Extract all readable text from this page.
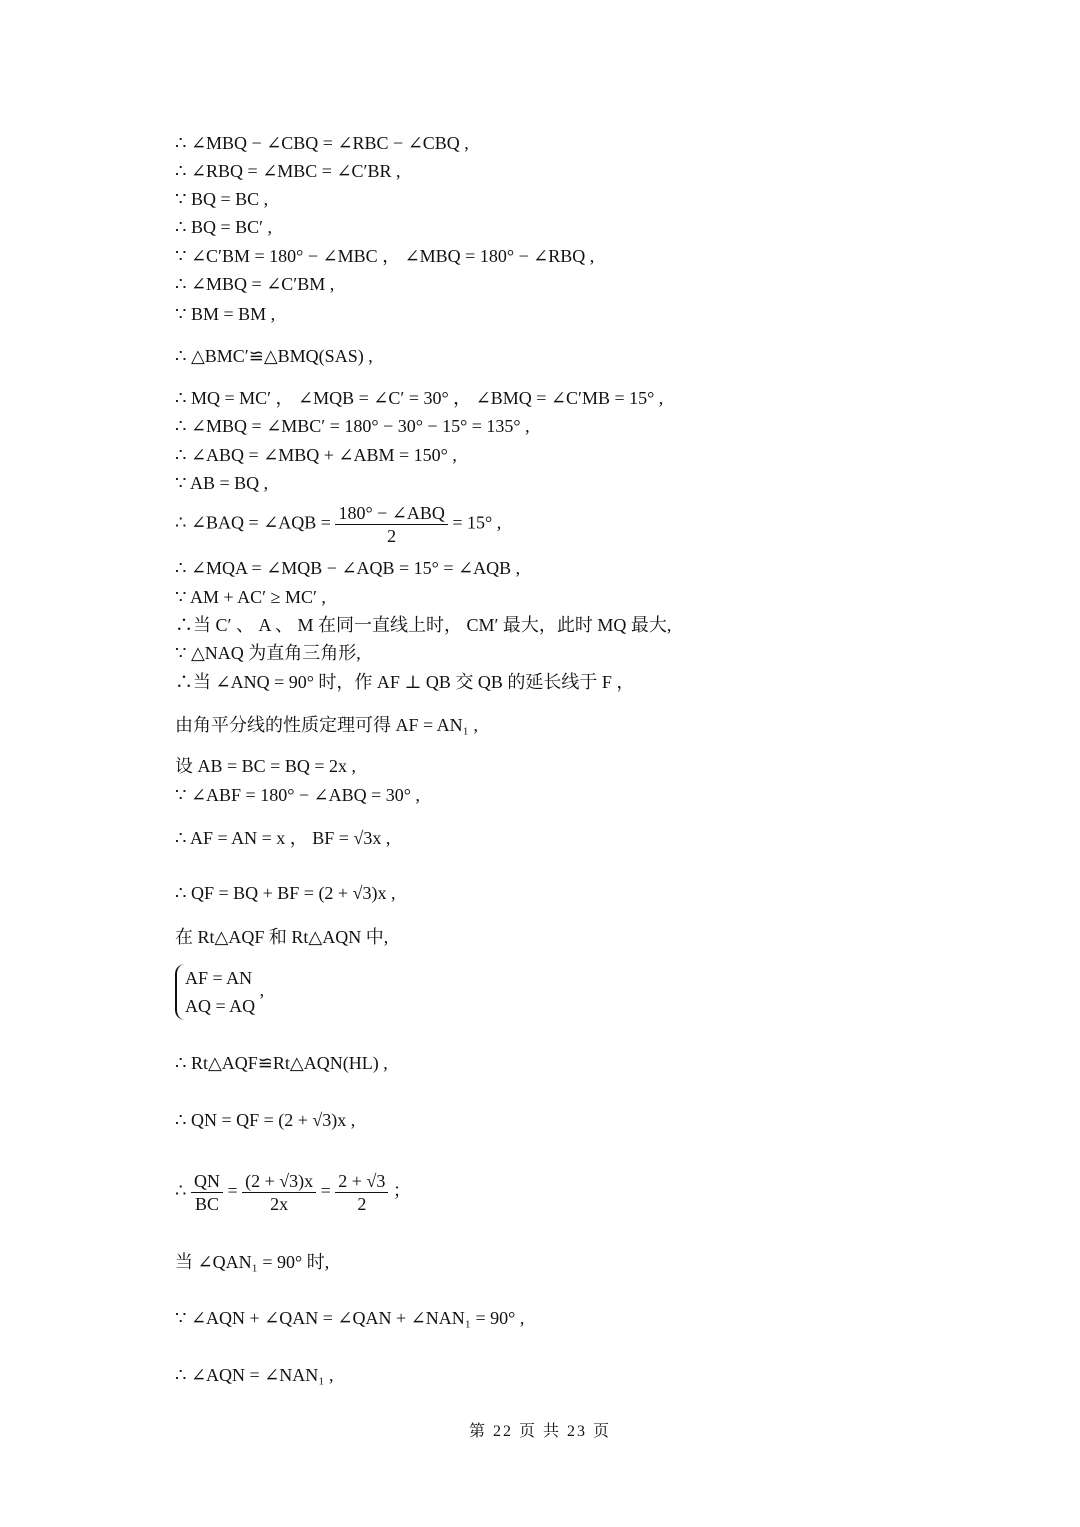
∴ ∠MBQ − ∠CBQ = ∠RBC − ∠CBQ ,
∴ ∠RBQ = ∠MBC = ∠C′BR ,
∵ BQ = BC ,
∴ BQ = BC′ ,
∵ ∠C′BM = 180° − ∠MBC ， ∠MBQ = 180° − ∠RBQ ,
∴ ∠MBQ = ∠C′BM ,
∵ BM = BM ,
∴ △BMC′≌△BMQ(SAS) ,
∴ MQ = MC′ ， ∠MQB = ∠C′ = 30° ， ∠BMQ = ∠C′MB = 15° ,
∴ ∠MBQ = ∠MBC′ = 180° − 30° − 15° = 135° ,
∴ ∠ABQ = ∠MBQ + ∠ABM = 150° ,
∵ AB = BQ ,
∴ ∠BAQ = ∠AQB = $\frac{\text{180° − ∠ABQ}}{2} = 15^\circ$ ,
∴ ∠MQA = ∠MQB − ∠AQB = 15° = ∠AQB ,
∵ AM + AC′ ≥ MC′ ,
∴当 C′ 、 A 、 M 在同一直线上时， CM′ 最大，此时 MQ 最大,
∵ △NAQ 为直角三角形,
∴当 ∠ANQ = 90° 时，作 AF ⊥ QB 交 QB 的延长线于 F ，
由角平分线的性质定理可得 AF = AN₁ ,
设 AB = BC = BQ = 2x ,
∵ ∠ABF = 180° − ∠ABQ = 30° ,
∴ AF = AN = x ， BF = √3x ,
∴ QF = BQ + BF = (2 + √3)x ,
在 Rt△AQF 和 Rt△AQN 中,
AF = AN
AQ = AQ
,
∴ Rt△AQF≌Rt△AQN(HL) ,
∴ QN = QF = (2 + √3)x ,
∴ $\frac{QN}{BC} = \frac{(2 + √3)x}{2x} = \frac{2 + √3}{2}$ ；
当 ∠QAN₁ = 90° 时,
∵ ∠AQN + ∠QAN = ∠QAN + ∠NAN₁ = 90° ,
∴ ∠AQN = ∠NAN₁ ,
第 22 页 共 23 页
